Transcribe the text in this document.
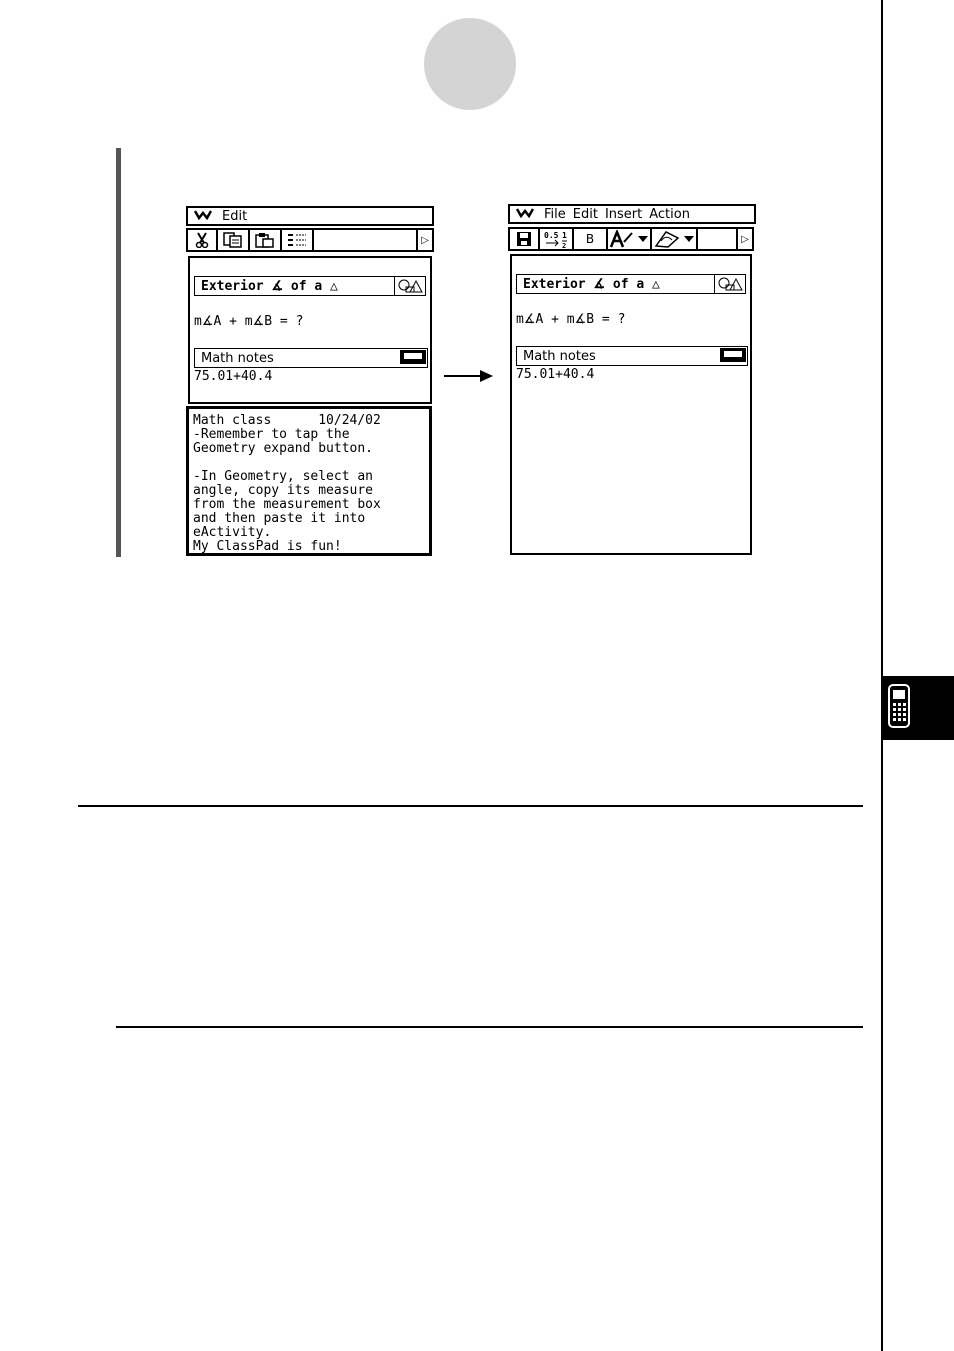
Edit
▷
Exterior ∡ of a △
m∡A + m∡B = ?
Math notes
75.01+40.4
Math class      10/24/02
-Remember to tap the
Geometry expand button.
-In Geometry, select an
angle, copy its measure
from the measurement box
and then paste it into
eActivity.
My ClassPad is fun!
File Edit Insert Action
0.5 1
2	B	▷
Exterior ∡ of a △
m∡A + m∡B = ?
Math notes
75.01+40.4
